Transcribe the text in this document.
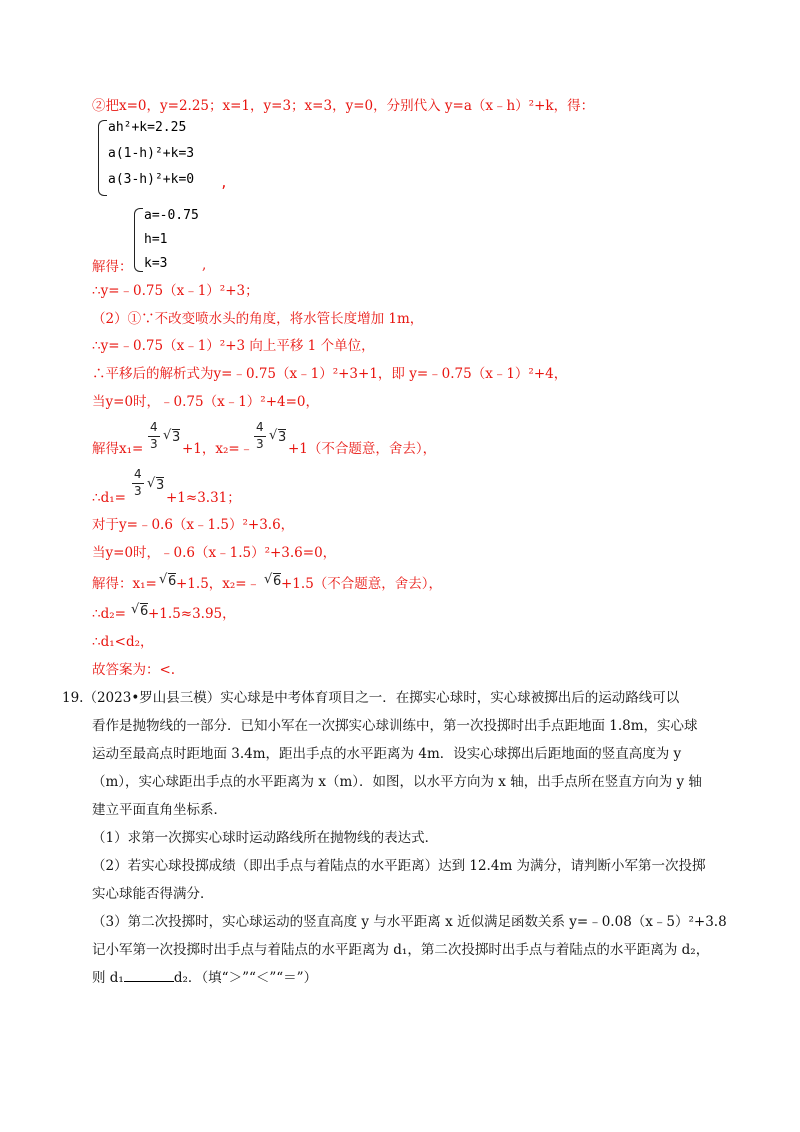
②把x=0，y=2.25；x=1，y=3；x=3，y=0，分别代入 y=a（x﹣h）²+k，得：
ah²+k=2.25
a(1-h)²+k=3
a(3-h)²+k=0 ,
a=-0.75
h=1
k=3
解得：	,
∴y=﹣0.75（x﹣1）²+3；
（2）①∵不改变喷水头的角度，将水管长度增加 1m，
∴y=﹣0.75（x﹣1）²+3 向上平移 1 个单位，
∴平移后的解析式为y=﹣0.75（x﹣1）²+3+1，即 y=﹣0.75（x﹣1）²+4，
当y=0时，﹣0.75（x﹣1）²+4=0，
解得x₁=
4
3
√ 3
+1，x₂=﹣
4
3
√ 3
+1（不合题意，舍去），
∴d₁=
4
3 √ 3
+1≈3.31；
对于y=﹣0.6（x﹣1.5）²+3.6，
当y=0时，﹣0.6（x﹣1.5）²+3.6=0，
解得：x₁= √ 6 +1.5，x₂=﹣ √ 6 +1.5（不合题意，舍去），
∴d₂= √ 6 +1.5≈3.95，
∴d₁<d₂，
故答案为：<.
19.（2023•罗山县三模）实心球是中考体育项目之一．在掷实心球时，实心球被掷出后的运动路线可以
看作是抛物线的一部分．已知小军在一次掷实心球训练中，第一次投掷时出手点距地面 1.8m，实心球
运动至最高点时距地面 3.4m，距出手点的水平距离为 4m．设实心球掷出后距地面的竖直高度为 y
（m），实心球距出手点的水平距离为 x（m）．如图，以水平方向为 x 轴，出手点所在竖直方向为 y 轴
建立平面直角坐标系．
（1）求第一次掷实心球时运动路线所在抛物线的表达式．
（2）若实心球投掷成绩（即出手点与着陆点的水平距离）达到 12.4m 为满分，请判断小军第一次投掷
实心球能否得满分．
（3）第二次投掷时，实心球运动的竖直高度 y 与水平距离 x 近似满足函数关系 y=﹣0.08（x﹣5）²+3.8
记小军第一次投掷时出手点与着陆点的水平距离为 d₁，第二次投掷时出手点与着陆点的水平距离为 d₂，
则 d₁	d₂．（填“＞”“＜”“＝”）
